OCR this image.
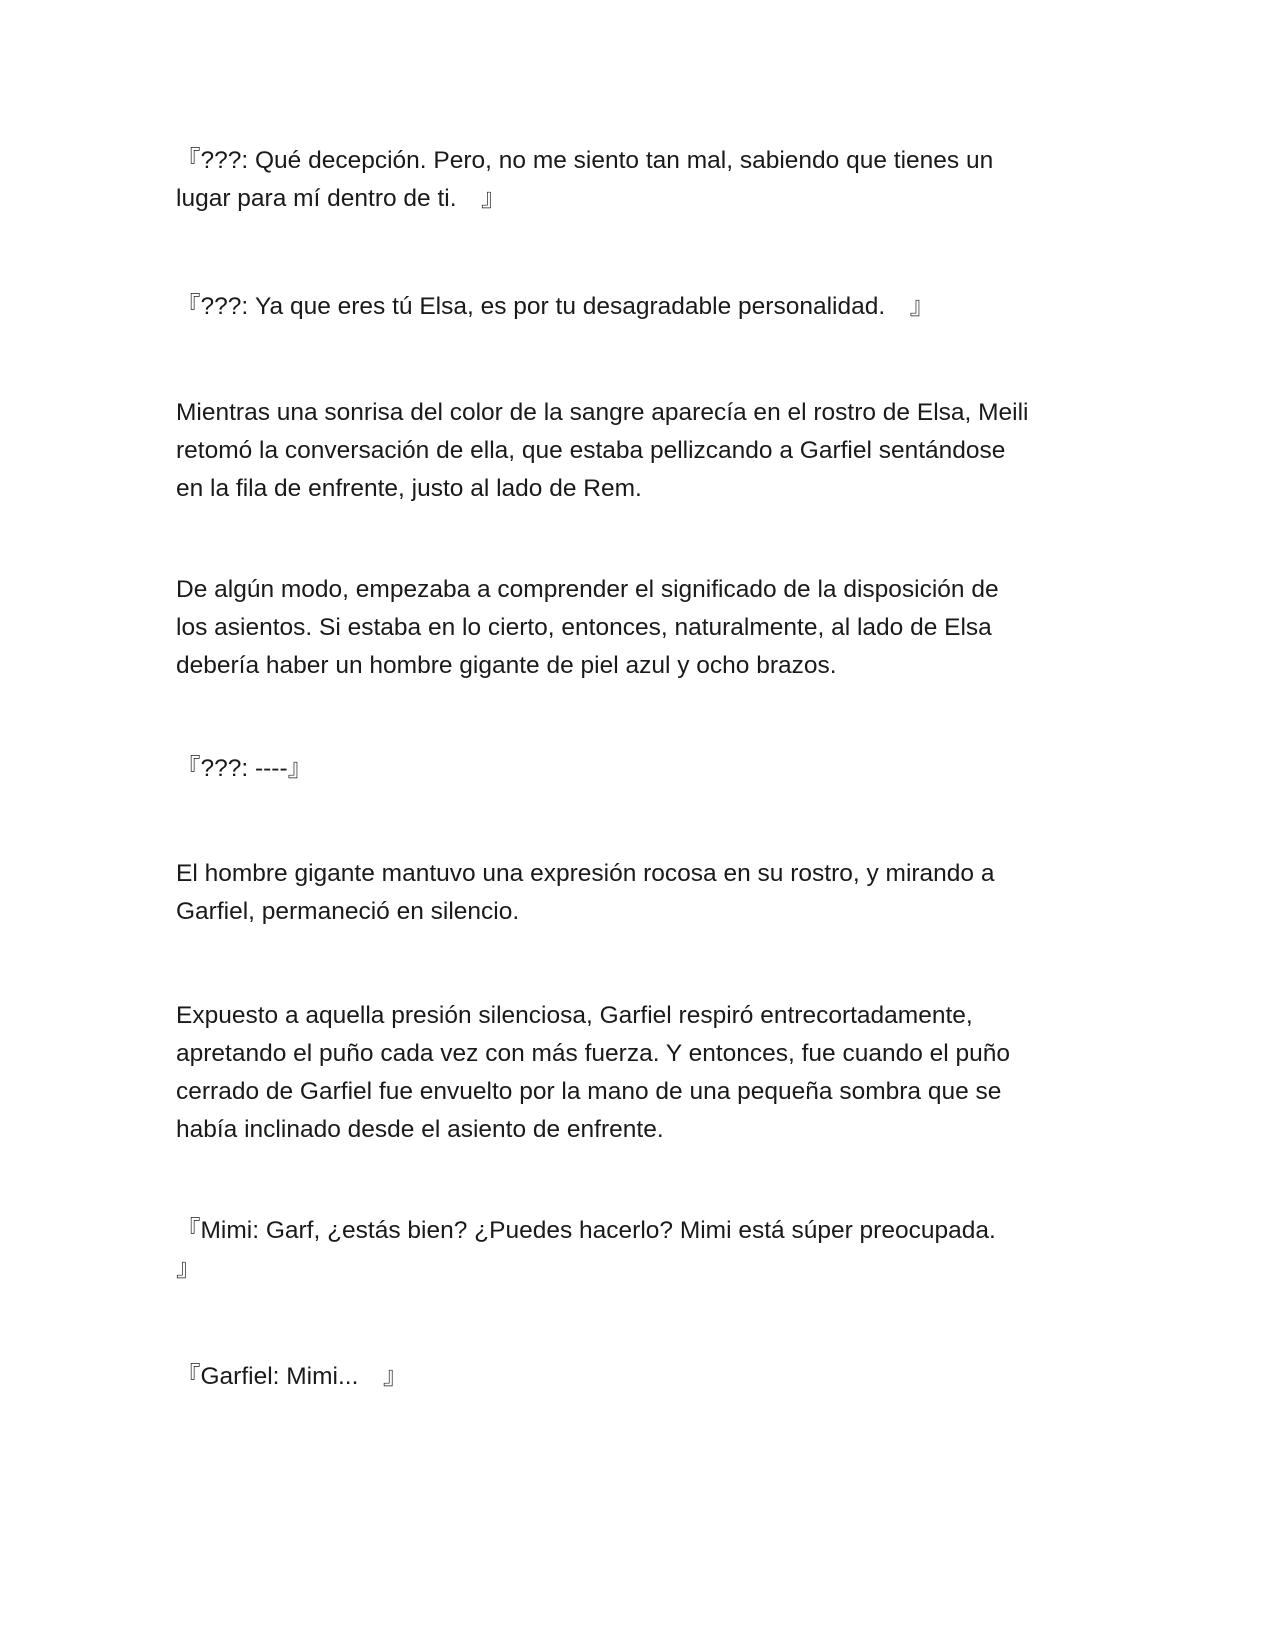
『???: Qué decepción. Pero, no me siento tan mal, sabiendo que tienes un
lugar para mí dentro de ti.　』

『???: Ya que eres tú Elsa, es por tu desagradable personalidad.　』

Mientras una sonrisa del color de la sangre aparecía en el rostro de Elsa, Meili
retomó la conversación de ella, que estaba pellizcando a Garfiel sentándose
en la fila de enfrente, justo al lado de Rem.

De algún modo, empezaba a comprender el significado de la disposición de
los asientos. Si estaba en lo cierto, entonces, naturalmente, al lado de Elsa
debería haber un hombre gigante de piel azul y ocho brazos.

『???: ----』

El hombre gigante mantuvo una expresión rocosa en su rostro, y mirando a
Garfiel, permaneció en silencio.

Expuesto a aquella presión silenciosa, Garfiel respiró entrecortadamente,
apretando el puño cada vez con más fuerza. Y entonces, fue cuando el puño
cerrado de Garfiel fue envuelto por la mano de una pequeña sombra que se
había inclinado desde el asiento de enfrente.

『Mimi: Garf, ¿estás bien? ¿Puedes hacerlo? Mimi está súper preocupada.
』

『Garfiel: Mimi...　』
